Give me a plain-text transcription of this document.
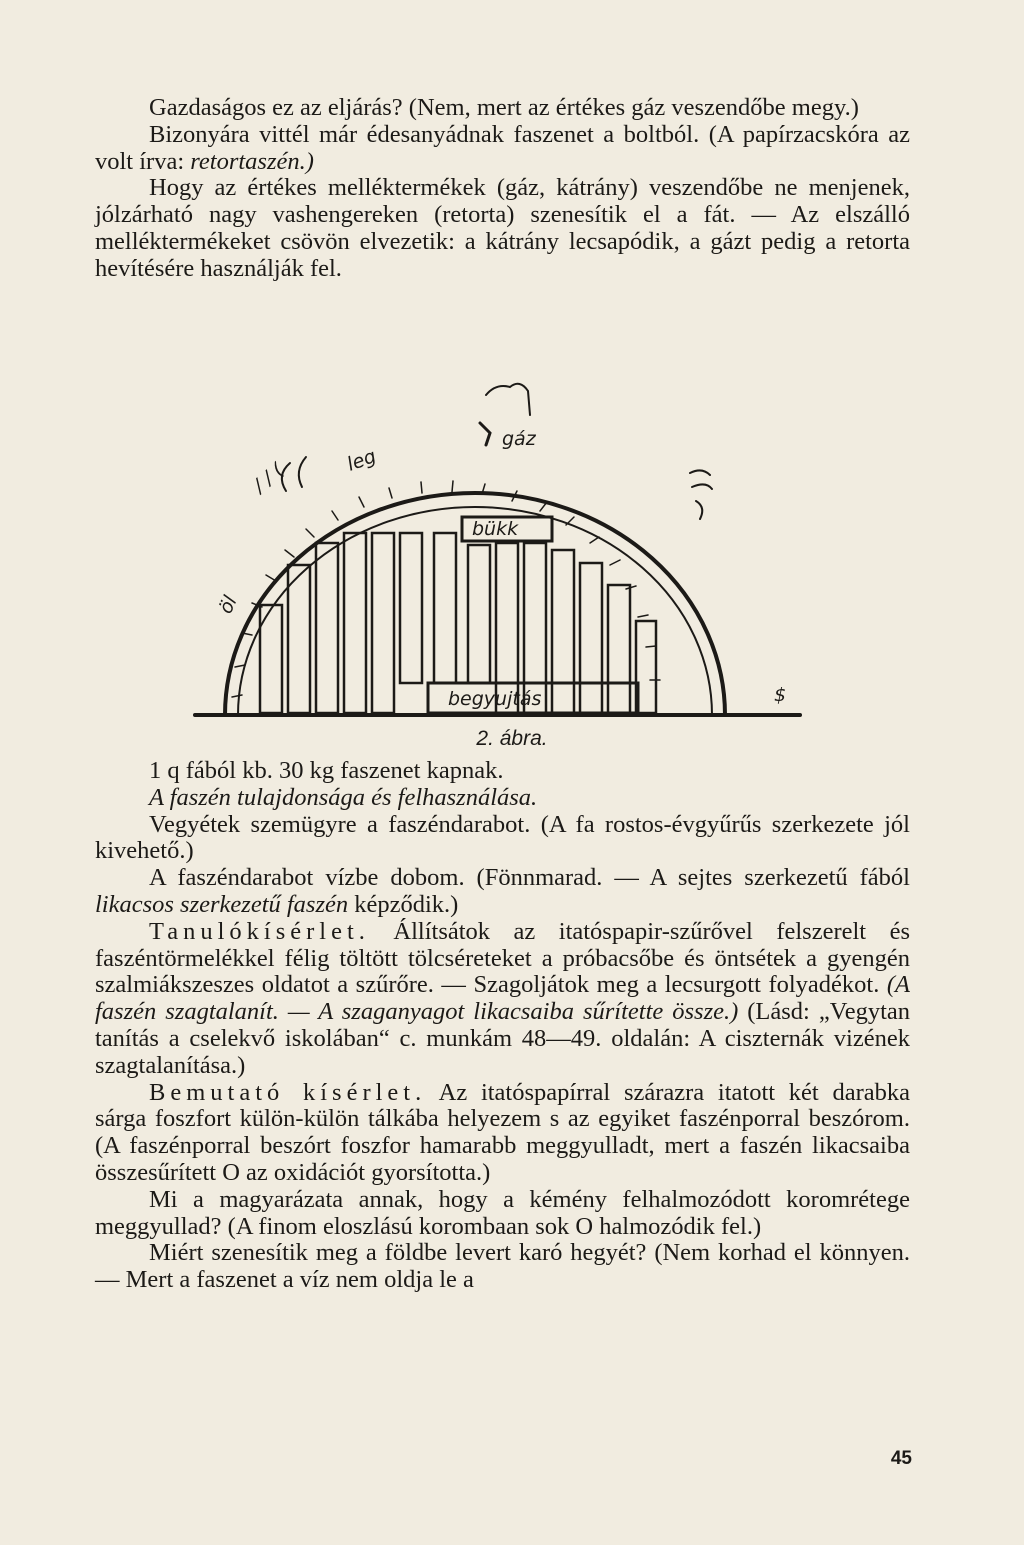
Gazdaságos ez az eljárás? (Nem, mert az értékes gáz veszendőbe megy.)

Bizonyára vittél már édesanyádnak faszenet a boltból. (A papírzacskóra az volt írva: retortaszén.)

Hogy az értékes melléktermékek (gáz, kátrány) veszendőbe ne menjenek, jólzárható nagy vashengereken (retorta) szenesítik el a fát. — Az elszálló melléktermékeket csövön elvezetik: a kátrány lecsapódik, a gázt pedig a retorta hevítésére használják fel.

gáz
bükk
leg
öl
begyujtás
/ / (
$
2. ábra.

1 q fából kb. 30 kg faszenet kapnak.

A faszén tulajdonsága és felhasználása.

Vegyétek szemügyre a faszéndarabot. (A fa rostos-évgyűrűs szerkezete jól kivehető.)

A faszéndarabot vízbe dobom. (Fönnmarad. — A sejtes szerkezetű fából likacsos szerkezetű faszén képződik.)

Tanulókísérlet. Állítsátok az itatóspapir-szűrővel felszerelt és faszéntörmelékkel félig töltött tölcséreteket a próbacsőbe és öntsétek a gyengén szalmiákszeszes oldatot a szűrőre. — Szagoljátok meg a lecsurgott folyadékot. (A faszén szagtalanít. — A szaganyagot likacsaiba sűrítette össze.) (Lásd: „Vegytan tanítás a cselekvő iskolában“ c. munkám 48—49. oldalán: A ciszternák vizének szagtalanítása.)

Bemutató kísérlet. Az itatóspapírral szárazra itatott két darabka sárga foszfort külön-külön tálkába helyezem s az egyiket faszénporral beszórom. (A faszénporral beszórt foszfor hamarabb meggyulladt, mert a faszén likacsaiba összesűrített O az oxidációt gyorsította.)

Mi a magyarázata annak, hogy a kémény felhalmozódott koromrétege meggyullad? (A finom eloszlású korombaan sok O halmozódik fel.)

Miért szenesítik meg a földbe levert karó hegyét? (Nem korhad el könnyen. — Mert a faszenet a víz nem oldja le a

45
